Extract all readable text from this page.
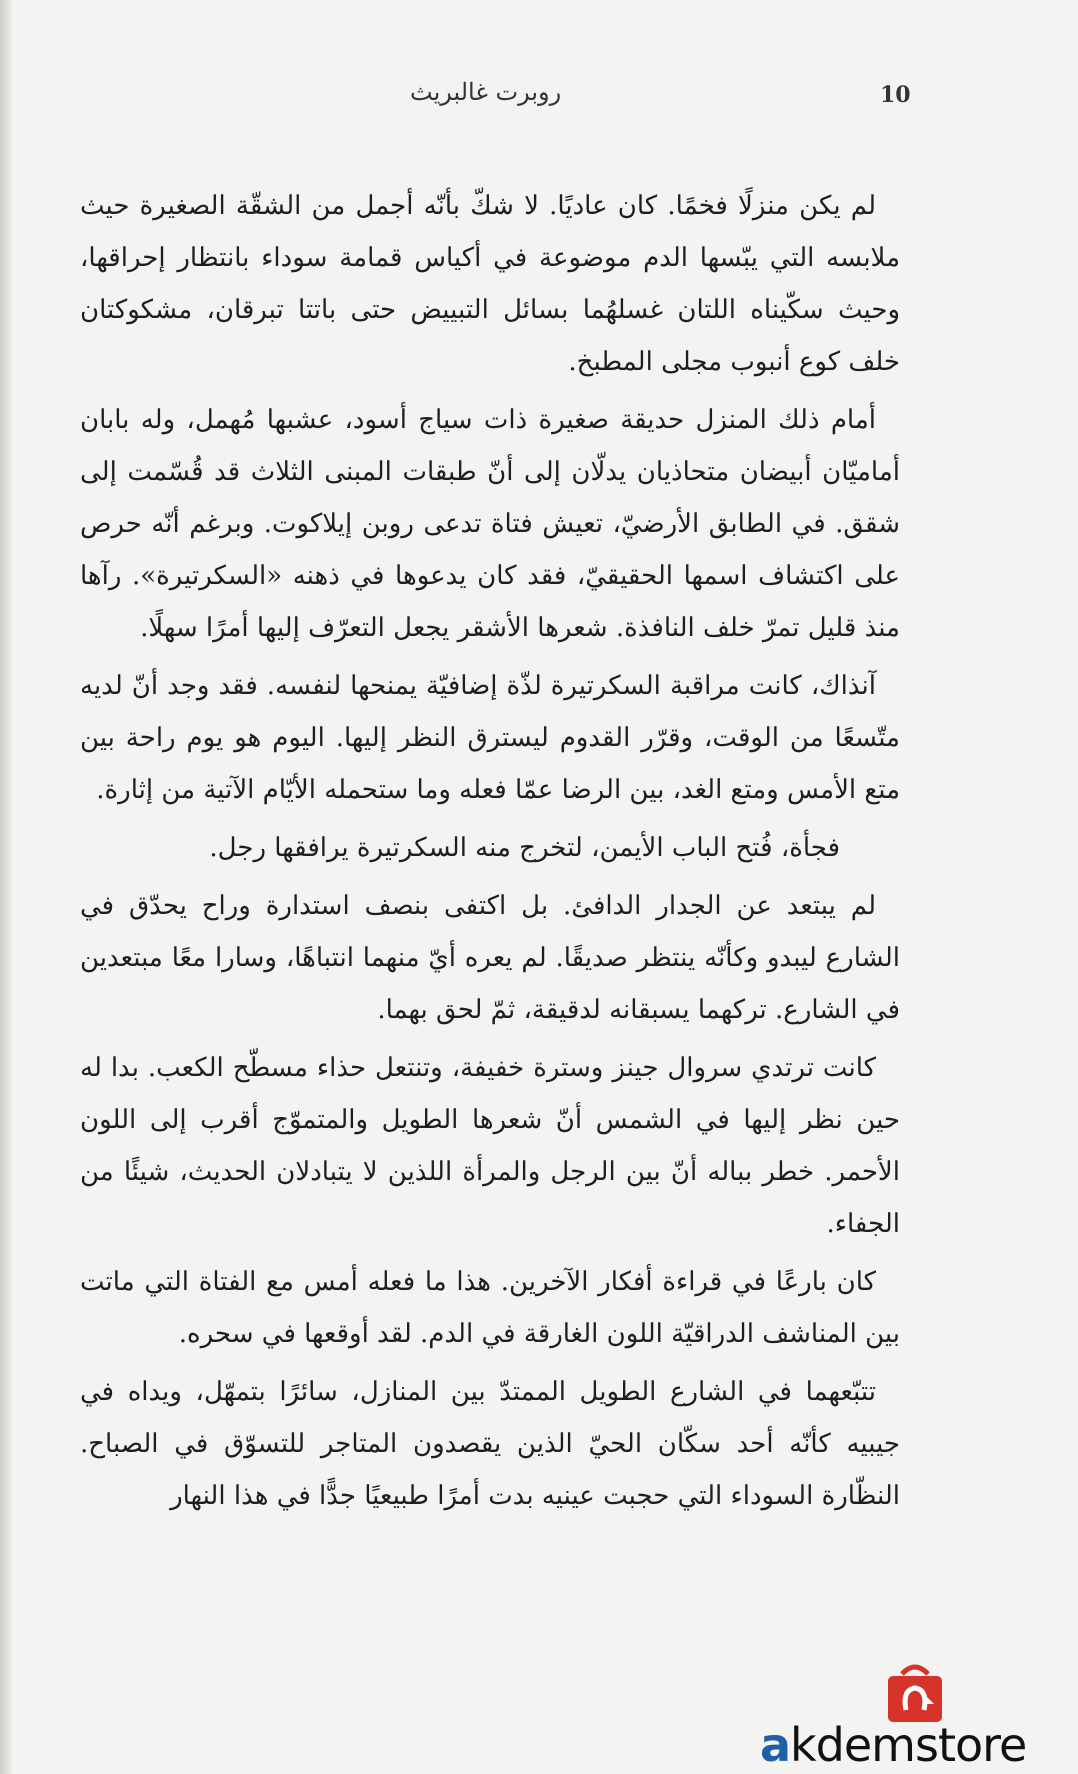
10
روبرت غالبريث

لم يكن منزلًا فخمًا. كان عاديًا. لا شكّ بأنّه أجمل من الشقّة الصغيرة حيث ملابسه التي يبّسها الدم موضوعة في أكياس قمامة سوداء بانتظار إحراقها، وحيث سكّيناه اللتان غسلهُما بسائل التبييض حتى باتتا تبرقان، مشكوكتان خلف كوع أنبوب مجلى المطبخ.

أمام ذلك المنزل حديقة صغيرة ذات سياج أسود، عشبها مُهمل، وله بابان أماميّان أبيضان متحاذيان يدلّان إلى أنّ طبقات المبنى الثلاث قد قُسّمت إلى شقق. في الطابق الأرضيّ، تعيش فتاة تدعى روبن إيلاكوت. وبرغم أنّه حرص على اكتشاف اسمها الحقيقيّ، فقد كان يدعوها في ذهنه «السكرتيرة». رآها منذ قليل تمرّ خلف النافذة. شعرها الأشقر يجعل التعرّف إليها أمرًا سهلًا.

آنذاك، كانت مراقبة السكرتيرة لذّة إضافيّة يمنحها لنفسه. فقد وجد أنّ لديه متّسعًا من الوقت، وقرّر القدوم ليسترق النظر إليها. اليوم هو يوم راحة بين متع الأمس ومتع الغد، بين الرضا عمّا فعله وما ستحمله الأيّام الآتية من إثارة.

فجأة، فُتح الباب الأيمن، لتخرج منه السكرتيرة يرافقها رجل.

لم يبتعد عن الجدار الدافئ. بل اكتفى بنصف استدارة وراح يحدّق في الشارع ليبدو وكأنّه ينتظر صديقًا. لم يعره أيّ منهما انتباهًا، وسارا معًا مبتعدين في الشارع. تركهما يسبقانه لدقيقة، ثمّ لحق بهما.

كانت ترتدي سروال جينز وسترة خفيفة، وتنتعل حذاء مسطّح الكعب. بدا له حين نظر إليها في الشمس أنّ شعرها الطويل والمتموّج أقرب إلى اللون الأحمر. خطر بباله أنّ بين الرجل والمرأة اللذين لا يتبادلان الحديث، شيئًا من الجفاء.

كان بارعًا في قراءة أفكار الآخرين. هذا ما فعله أمس مع الفتاة التي ماتت بين المناشف الدراقيّة اللون الغارقة في الدم. لقد أوقعها في سحره.

تتبّعهما في الشارع الطويل الممتدّ بين المنازل، سائرًا بتمهّل، ويداه في جيبيه كأنّه أحد سكّان الحيّ الذين يقصدون المتاجر للتسوّق في الصباح. النظّارة السوداء التي حجبت عينيه بدت أمرًا طبيعيًا جدًّا في هذا النهار

akdemstore
